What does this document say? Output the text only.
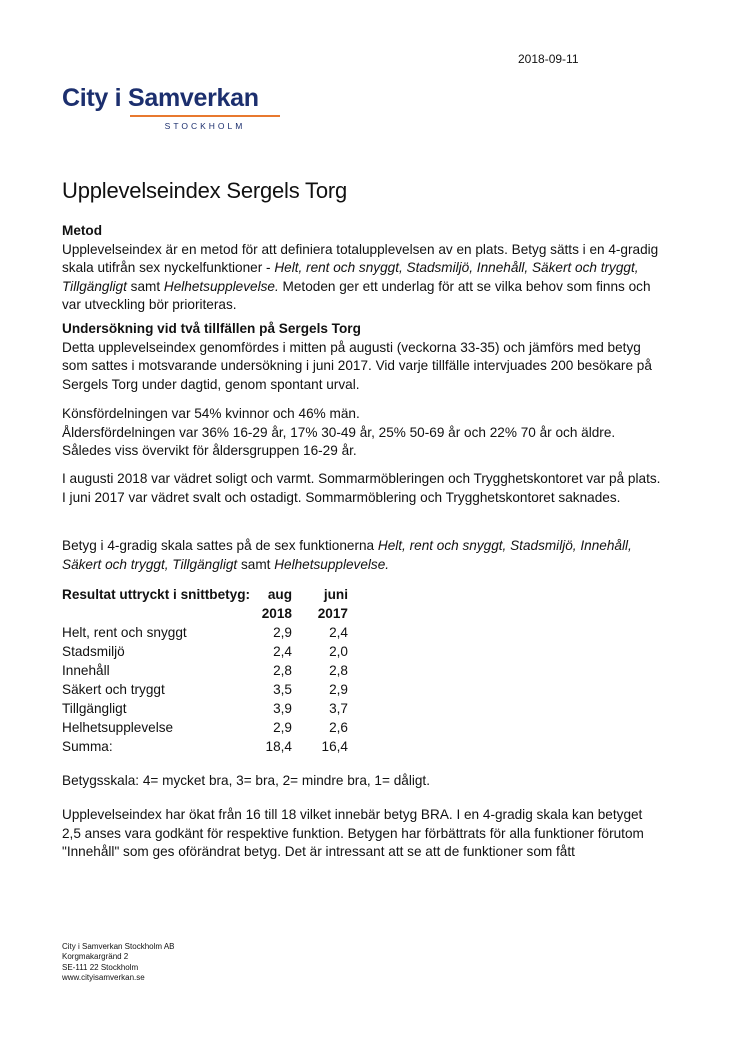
2018-09-11
City i Samverkan
STOCKHOLM
Upplevelseindex Sergels Torg

Metod

Upplevelseindex är en metod för att definiera totalupplevelsen av en plats. Betyg sätts i en 4-gradig skala utifrån sex nyckelfunktioner - Helt, rent och snyggt, Stadsmiljö, Innehåll, Säkert och tryggt, Tillgängligt samt Helhetsupplevelse. Metoden ger ett underlag för att se vilka behov som finns och var utveckling bör prioriteras.

Undersökning vid två tillfällen på Sergels Torg

Detta upplevelseindex genomfördes i mitten på augusti (veckorna 33-35) och jämförs med betyg som sattes i motsvarande undersökning i juni 2017. Vid varje tillfälle intervjuades 200 besökare på Sergels Torg under dagtid, genom spontant urval.

Könsfördelningen var 54% kvinnor och 46% män.

Åldersfördelningen var 36% 16-29 år, 17% 30-49 år, 25% 50-69 år och 22% 70 år och äldre.

Således viss övervikt för åldersgruppen 16-29 år.

I augusti 2018 var vädret soligt och varmt. Sommarmöbleringen och Trygghetskontoret var på plats. I juni 2017 var vädret svalt och ostadigt. Sommarmöblering och Trygghetskontoret saknades.
Betyg i 4-gradig skala sattes på de sex funktionerna Helt, rent och snyggt, Stadsmiljö, Innehåll, Säkert och tryggt, Tillgängligt samt Helhetsupplevelse.
Resultat uttryckt i snittbetyg:	aug	juni
	2018	2017
Helt, rent och snyggt	2,9	2,4
Stadsmiljö	2,4	2,0
Innehåll	2,8	2,8
Säkert och tryggt	3,5	2,9
Tillgängligt	3,9	3,7
Helhetsupplevelse	2,9	2,6
Summa:	18,4	16,4
Betygsskala: 4= mycket bra, 3= bra, 2= mindre bra, 1= dåligt.
Upplevelseindex har ökat från 16 till 18 vilket innebär betyg BRA. I en 4-gradig skala kan betyget 2,5 anses vara godkänt för respektive funktion. Betygen har förbättrats för alla funktioner förutom "Innehåll" som ges oförändrat betyg. Det är intressant att se att de funktioner som fått
City i Samverkan Stockholm AB
Korgmakargränd 2
SE-111 22 Stockholm
www.cityisamverkan.se
